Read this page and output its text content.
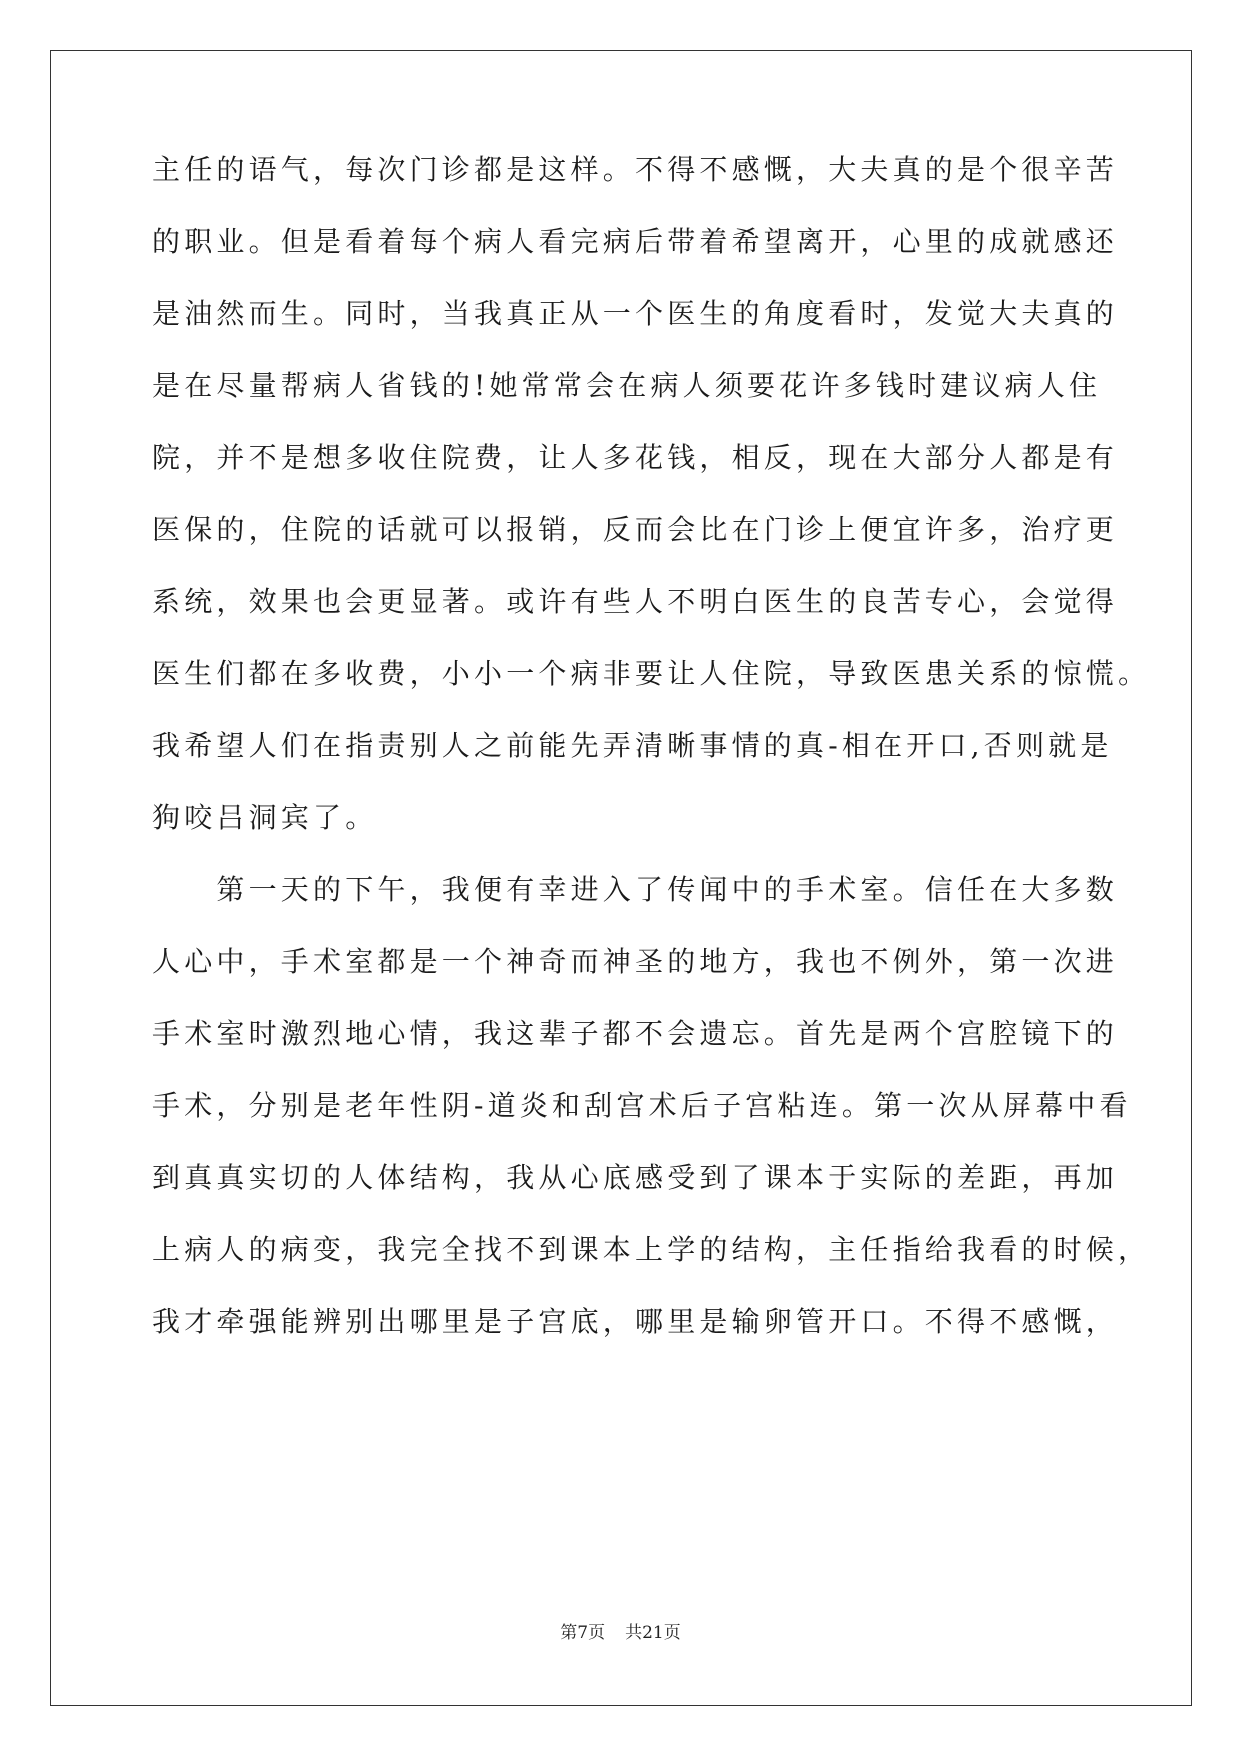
主任的语气，每次门诊都是这样。不得不感慨，大夫真的是个很辛苦
的职业。但是看着每个病人看完病后带着希望离开，心里的成就感还
是油然而生。同时，当我真正从一个医生的角度看时，发觉大夫真的
是在尽量帮病人省钱的!她常常会在病人须要花许多钱时建议病人住
院，并不是想多收住院费，让人多花钱，相反，现在大部分人都是有
医保的，住院的话就可以报销，反而会比在门诊上便宜许多，治疗更
系统，效果也会更显著。或许有些人不明白医生的良苦专心，会觉得
医生们都在多收费，小小一个病非要让人住院，导致医患关系的惊慌。
我希望人们在指责别人之前能先弄清晰事情的真-相在开口,否则就是
狗咬吕洞宾了。
　　第一天的下午，我便有幸进入了传闻中的手术室。信任在大多数
人心中，手术室都是一个神奇而神圣的地方，我也不例外，第一次进
手术室时激烈地心情，我这辈子都不会遗忘。首先是两个宫腔镜下的
手术，分别是老年性阴-道炎和刮宫术后子宫粘连。第一次从屏幕中看
到真真实切的人体结构，我从心底感受到了课本于实际的差距，再加
上病人的病变，我完全找不到课本上学的结构，主任指给我看的时候，
我才牵强能辨别出哪里是子宫底，哪里是输卵管开口。不得不感慨，
第7页 共21页
